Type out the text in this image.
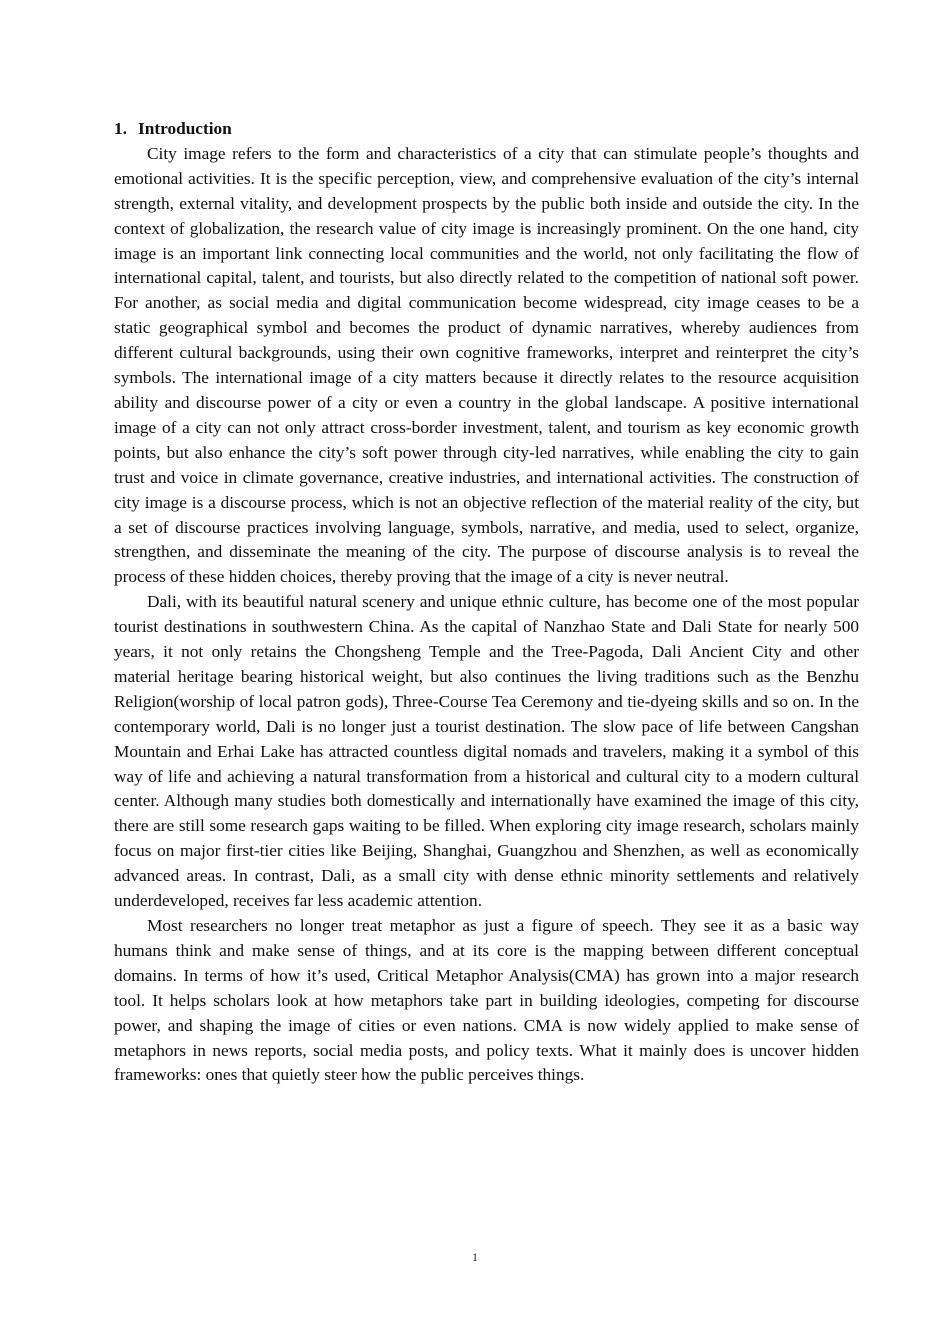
1. Introduction

City image refers to the form and characteristics of a city that can stimulate people’s thoughts and emotional activities. It is the specific perception, view, and comprehensive evaluation of the city’s internal strength, external vitality, and development prospects by the public both inside and outside the city. In the context of globalization, the research value of city image is increasingly prominent. On the one hand, city image is an important link connecting local communities and the world, not only facilitating the flow of international capital, talent, and tourists, but also directly related to the competition of national soft power. For another, as social media and digital communication become widespread, city image ceases to be a static geographical symbol and becomes the product of dynamic narratives, whereby audiences from different cultural backgrounds, using their own cognitive frameworks, interpret and reinterpret the city’s symbols. The international image of a city matters because it directly relates to the resource acquisition ability and discourse power of a city or even a country in the global landscape. A positive international image of a city can not only attract cross-border investment, talent, and tourism as key economic growth points, but also enhance the city’s soft power through city-led narratives, while enabling the city to gain trust and voice in climate governance, creative industries, and international activities. The construction of city image is a discourse process, which is not an objective reflection of the material reality of the city, but a set of discourse practices involving language, symbols, narrative, and media, used to select, organize, strengthen, and disseminate the meaning of the city. The purpose of discourse analysis is to reveal the process of these hidden choices, thereby proving that the image of a city is never neutral.

Dali, with its beautiful natural scenery and unique ethnic culture, has become one of the most popular tourist destinations in southwestern China. As the capital of Nanzhao State and Dali State for nearly 500 years, it not only retains the Chongsheng Temple and the Tree-Pagoda, Dali Ancient City and other material heritage bearing historical weight, but also continues the living traditions such as the Benzhu Religion(worship of local patron gods), Three-Course Tea Ceremony and tie-dyeing skills and so on. In the contemporary world, Dali is no longer just a tourist destination. The slow pace of life between Cangshan Mountain and Erhai Lake has attracted countless digital nomads and travelers, making it a symbol of this way of life and achieving a natural transformation from a historical and cultural city to a modern cultural center. Although many studies both domestically and internationally have examined the image of this city, there are still some research gaps waiting to be filled. When exploring city image research, scholars mainly focus on major first-tier cities like Beijing, Shanghai, Guangzhou and Shenzhen, as well as economically advanced areas. In contrast, Dali, as a small city with dense ethnic minority settlements and relatively underdeveloped, receives far less academic attention.

Most researchers no longer treat metaphor as just a figure of speech. They see it as a basic way humans think and make sense of things, and at its core is the mapping between different conceptual domains. In terms of how it’s used, Critical Metaphor Analysis(CMA) has grown into a major research tool. It helps scholars look at how metaphors take part in building ideologies, competing for discourse power, and shaping the image of cities or even nations. CMA is now widely applied to make sense of metaphors in news reports, social media posts, and policy texts. What it mainly does is uncover hidden frameworks: ones that quietly steer how the public perceives things.

1
